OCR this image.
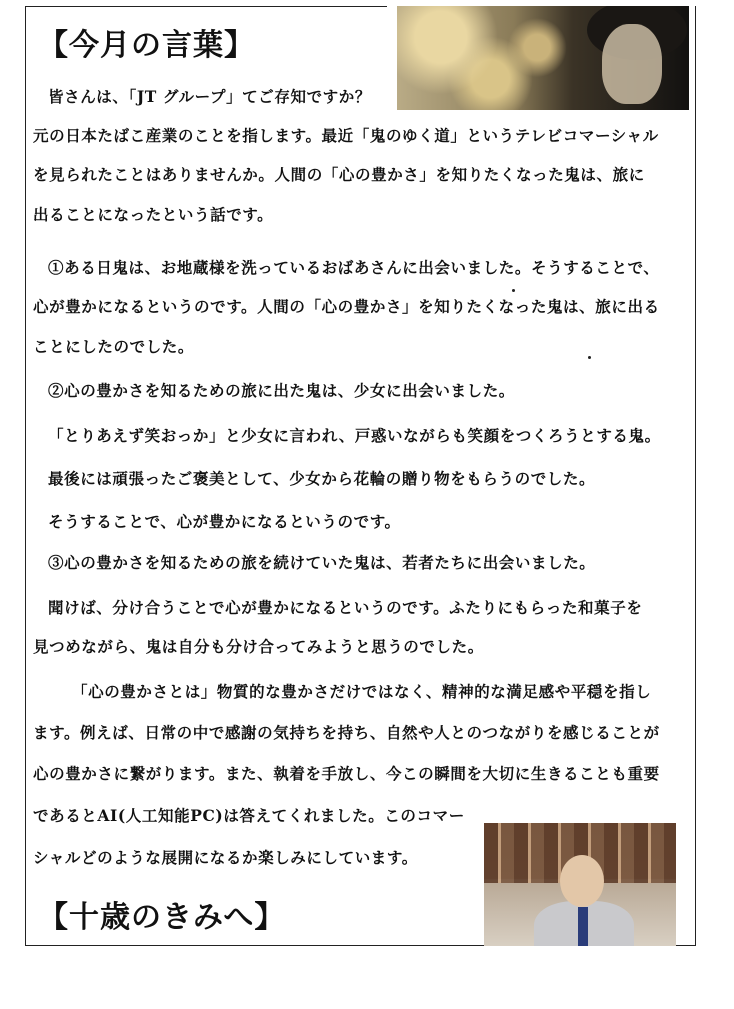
【今月の言葉】
皆さんは、「JT グループ」てご存知ですか？
元の日本たばこ産業のことを指します。最近「鬼のゆく道」というテレビコマーシャル
を見られたことはありませんか。人間の「心の豊かさ」を知りたくなった鬼は、旅に
出ることになったという話です。
①ある日鬼は、お地蔵様を洗っているおばあさんに出会いました。そうすることで、
心が豊かになるというのです。人間の「心の豊かさ」を知りたくなった鬼は、旅に出る
ことにしたのでした。
②心の豊かさを知るための旅に出た鬼は、少女に出会いました。
「とりあえず笑おっか」と少女に言われ、戸惑いながらも笑顔をつくろうとする鬼。
最後には頑張ったご褒美として、少女から花輪の贈り物をもらうのでした。
そうすることで、心が豊かになるというのです。
③心の豊かさを知るための旅を続けていた鬼は、若者たちに出会いました。
聞けば、分け合うことで心が豊かになるというのです。ふたりにもらった和菓子を
見つめながら、鬼は自分も分け合ってみようと思うのでした。
「心の豊かさとは」物質的な豊かさだけではなく、精神的な満足感や平穏を指し
ます。例えば、日常の中で感謝の気持ちを持ち、自然や人とのつながりを感じることが
心の豊かさに繋がります。また、執着を手放し、今この瞬間を大切に生きることも重要
であるとAI(人工知能PC)は答えてくれました。このコマー
シャルどのような展開になるか楽しみにしています。
【十歳のきみへ】
